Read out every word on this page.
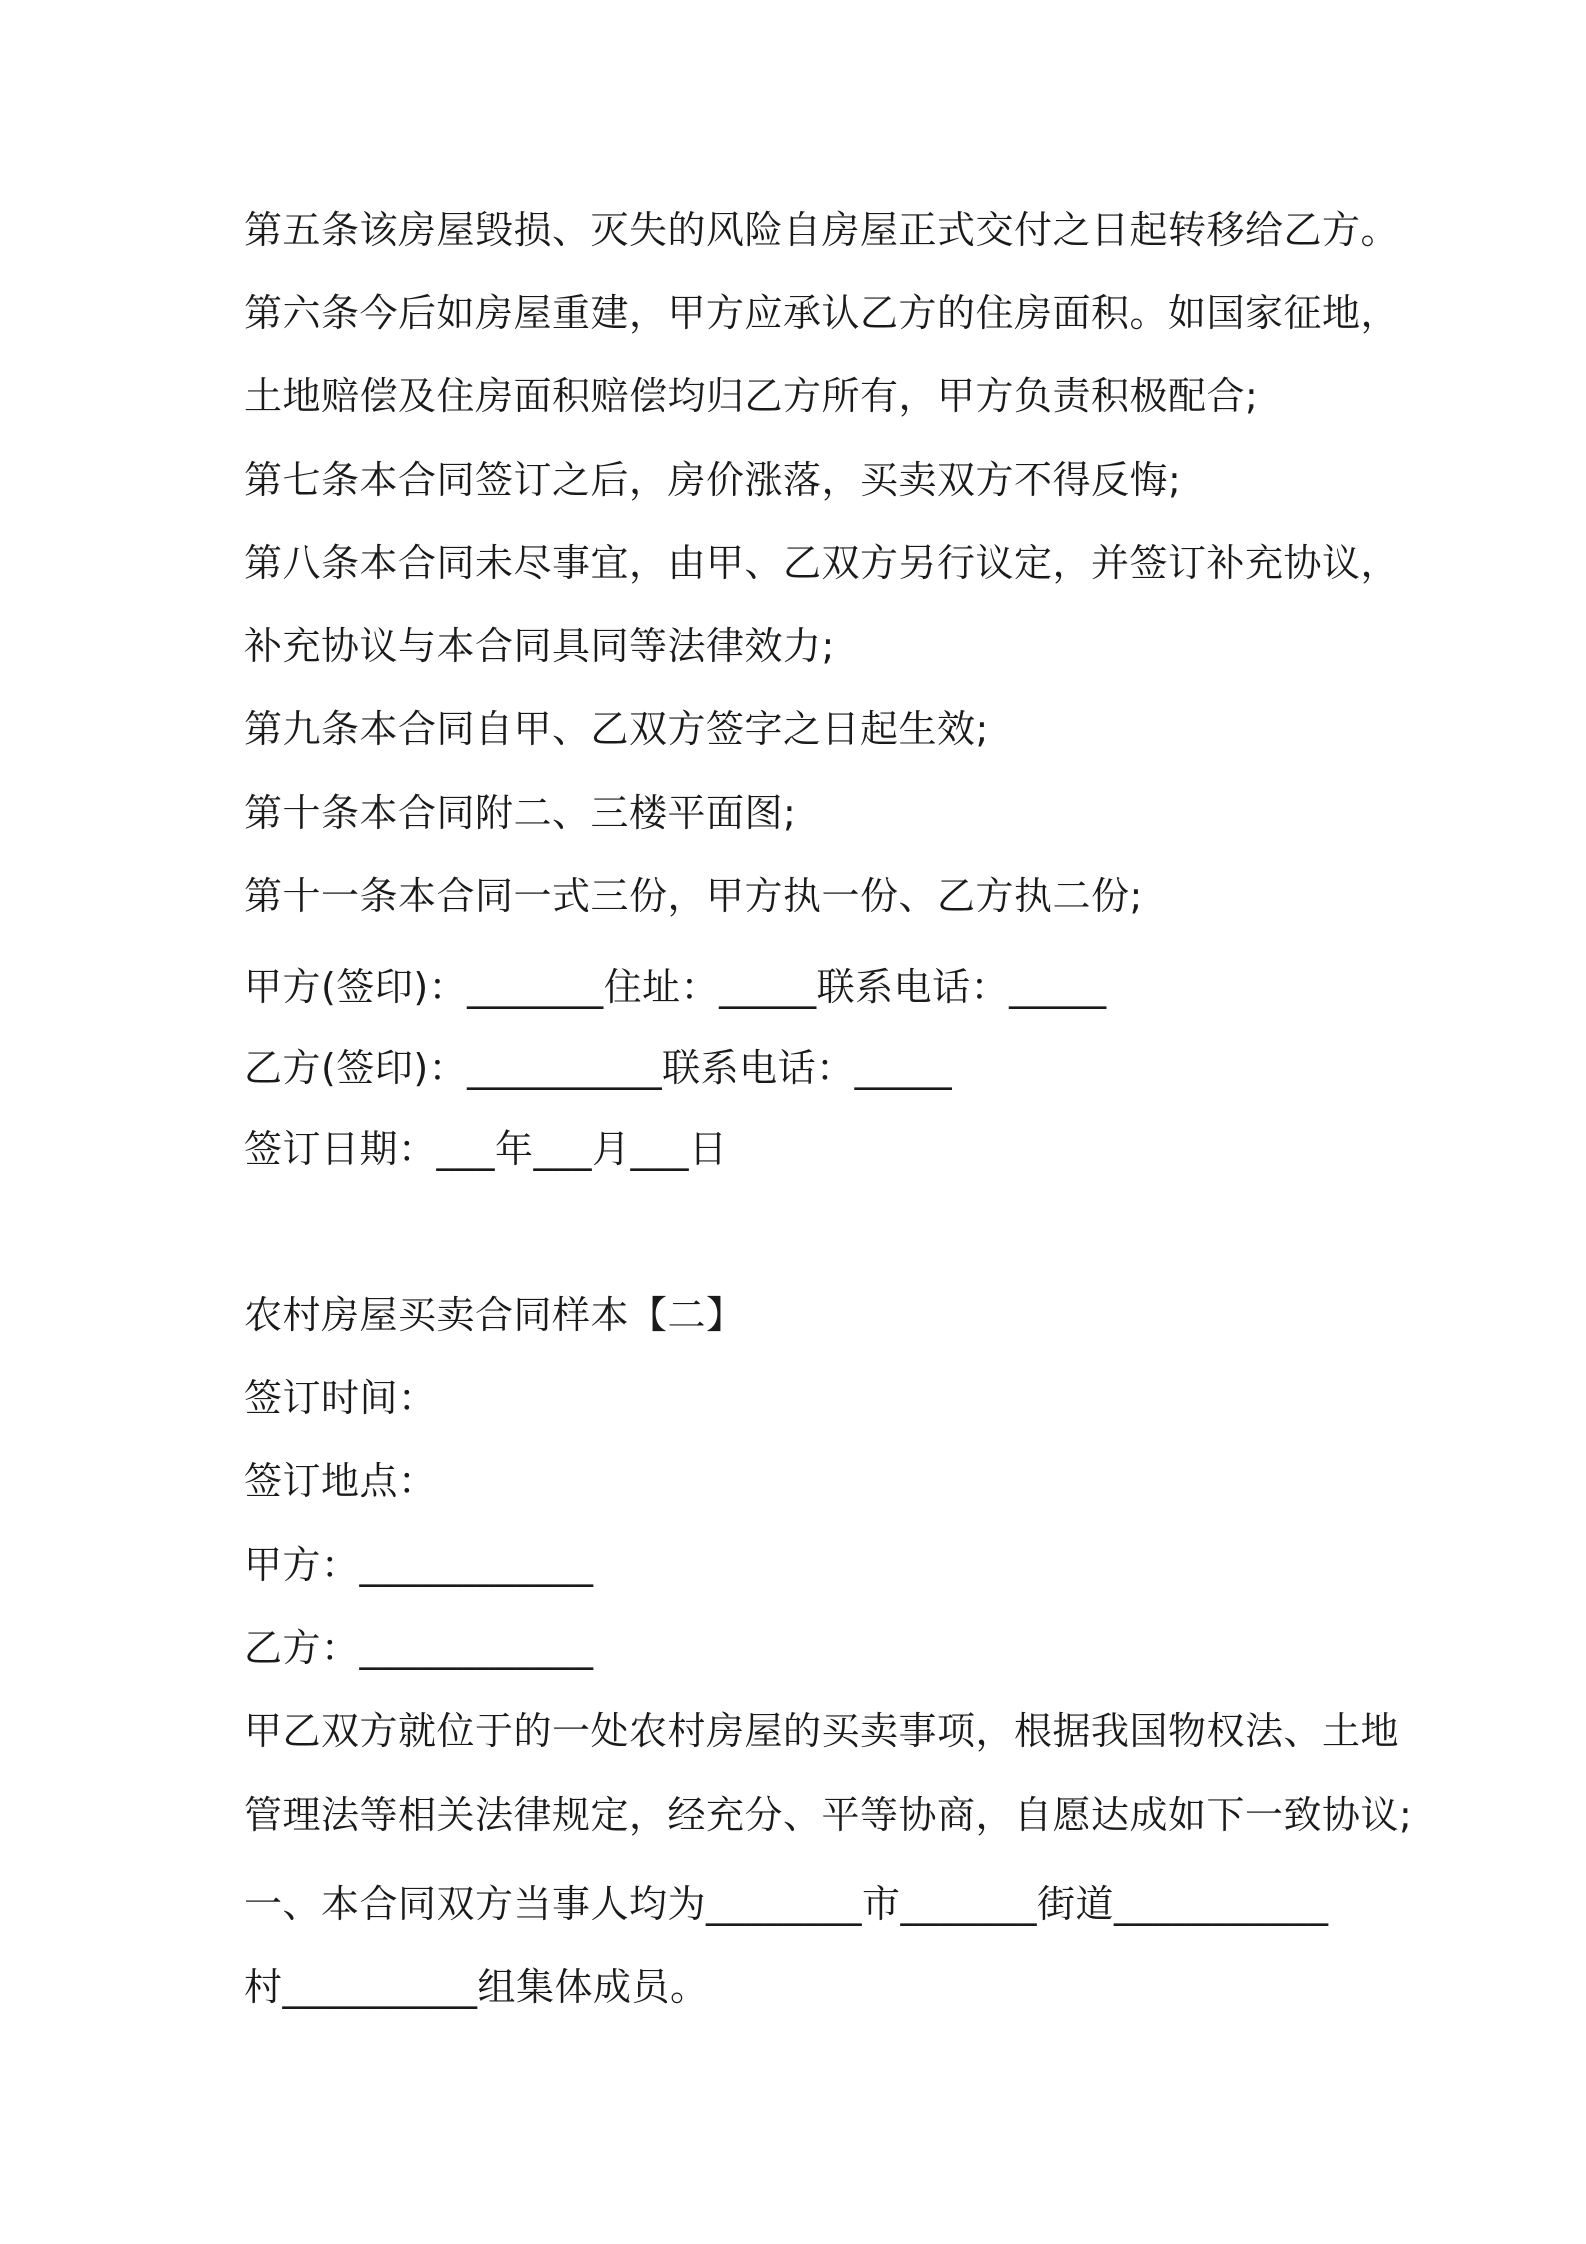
第五条该房屋毁损、灭失的风险自房屋正式交付之日起转移给乙方。
第六条今后如房屋重建，甲方应承认乙方的住房面积。如国家征地，
土地赔偿及住房面积赔偿均归乙方所有，甲方负责积极配合;
第七条本合同签订之后，房价涨落，买卖双方不得反悔;
第八条本合同未尽事宜，由甲、乙双方另行议定，并签订补充协议，
补充协议与本合同具同等法律效力;
第九条本合同自甲、乙双方签字之日起生效;
第十条本合同附二、三楼平面图;
第十一条本合同一式三份，甲方执一份、乙方执二份;
甲方(签印)：_______住址：_____联系电话：_____
乙方(签印)：__________联系电话：_____
签订日期：___年___月___日
农村房屋买卖合同样本【二】
签订时间：
签订地点：
甲方：____________
乙方：____________
甲乙双方就位于的一处农村房屋的买卖事项，根据我国物权法、土地
管理法等相关法律规定，经充分、平等协商，自愿达成如下一致协议;
一、本合同双方当事人均为________市_______街道___________
村__________组集体成员。
